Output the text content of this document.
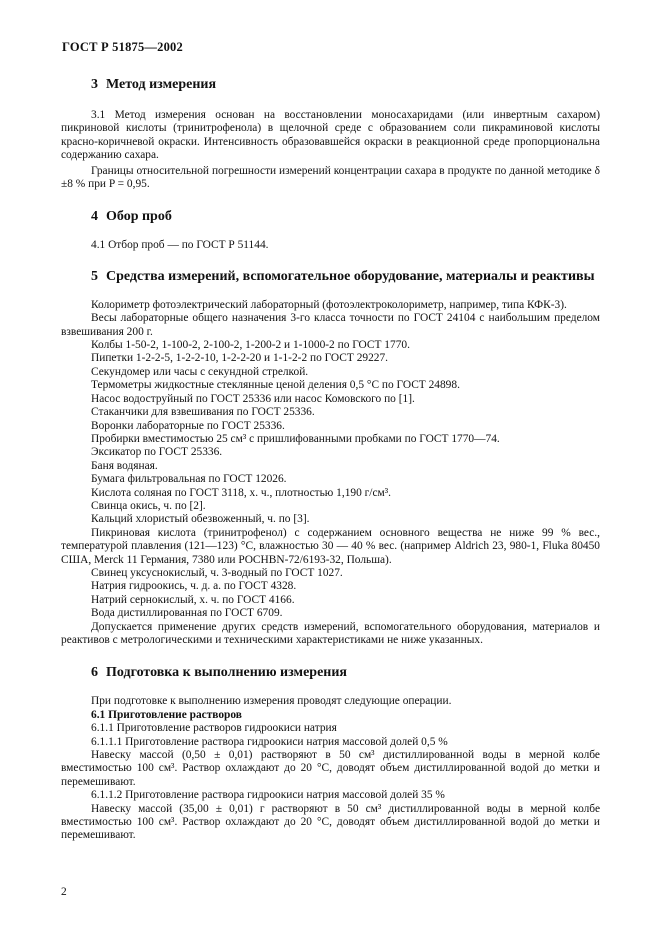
ГОСТ Р 51875—2002
3 Метод измерения

3.1 Метод измерения основан на восстановлении моносахаридами (или инвертным сахаром) пикриновой кислоты (тринитрофенола) в щелочной среде с образованием соли пикраминовой кислоты красно-коричневой окраски. Интенсивность образовавшейся окраски в реакционной среде пропорциональна содержанию сахара.

Границы относительной погрешности измерений концентрации сахара в продукте по данной методике δ ±8 % при P = 0,95.

4 Обор проб

4.1 Отбор проб — по ГОСТ Р 51144.

5 Средства измерений, вспомогательное оборудование, материалы и реактивы

Колориметр фотоэлектрический лабораторный (фотоэлектроколориметр, например, типа КФК-3).

Весы лабораторные общего назначения 3-го класса точности по ГОСТ 24104 с наибольшим пределом взвешивания 200 г.

Колбы 1-50-2, 1-100-2, 2-100-2, 1-200-2 и 1-1000-2 по ГОСТ 1770.

Пипетки 1-2-2-5, 1-2-2-10, 1-2-2-20 и 1-1-2-2 по ГОСТ 29227.

Секундомер или часы с секундной стрелкой.

Термометры жидкостные стеклянные ценой деления 0,5 °С по ГОСТ 24898.

Насос водоструйный по ГОСТ 25336 или насос Комовского по [1].

Стаканчики для взвешивания по ГОСТ 25336.

Воронки лабораторные по ГОСТ 25336.

Пробирки вместимостью 25 см³ с пришлифованными пробками по ГОСТ 1770—74.

Эксикатор по ГОСТ 25336.

Баня водяная.

Бумага фильтровальная по ГОСТ 12026.

Кислота соляная по ГОСТ 3118, х. ч., плотностью 1,190 г/см³.

Свинца окись, ч. по [2].

Кальций хлористый обезвоженный, ч. по [3].

Пикриновая кислота (тринитрофенол) с содержанием основного вещества не ниже 99 % вес., температурой плавления (121—123) °С, влажностью 30 — 40 % вес. (например Aldrich 23, 980-1, Fluka 80450 США, Merck 11 Германия, 7380 или POCHBN-72/6193-32, Польша).

Свинец уксуснокислый, ч. 3-водный по ГОСТ 1027.

Натрия гидроокись, ч. д. а. по ГОСТ 4328.

Натрий сернокислый, х. ч. по ГОСТ 4166.

Вода дистиллированная по ГОСТ 6709.

Допускается применение других средств измерений, вспомогательного оборудования, материалов и реактивов с метрологическими и техническими характеристиками не ниже указанных.

6 Подготовка к выполнению измерения

При подготовке к выполнению измерения проводят следующие операции.

6.1 Приготовление растворов

6.1.1 Приготовление растворов гидроокиси натрия

6.1.1.1 Приготовление раствора гидроокиси натрия массовой долей 0,5 %

Навеску массой (0,50 ± 0,01) растворяют в 50 см³ дистиллированной воды в мерной колбе вместимостью 100 см³. Раствор охлаждают до 20 °С, доводят объем дистиллированной водой до метки и перемешивают.

6.1.1.2 Приготовление раствора гидроокиси натрия массовой долей 35 %

Навеску массой (35,00 ± 0,01) г растворяют в 50 см³ дистиллированной воды в мерной колбе вместимостью 100 см³. Раствор охлаждают до 20 °С, доводят объем дистиллированной водой до метки и перемешивают.

2
